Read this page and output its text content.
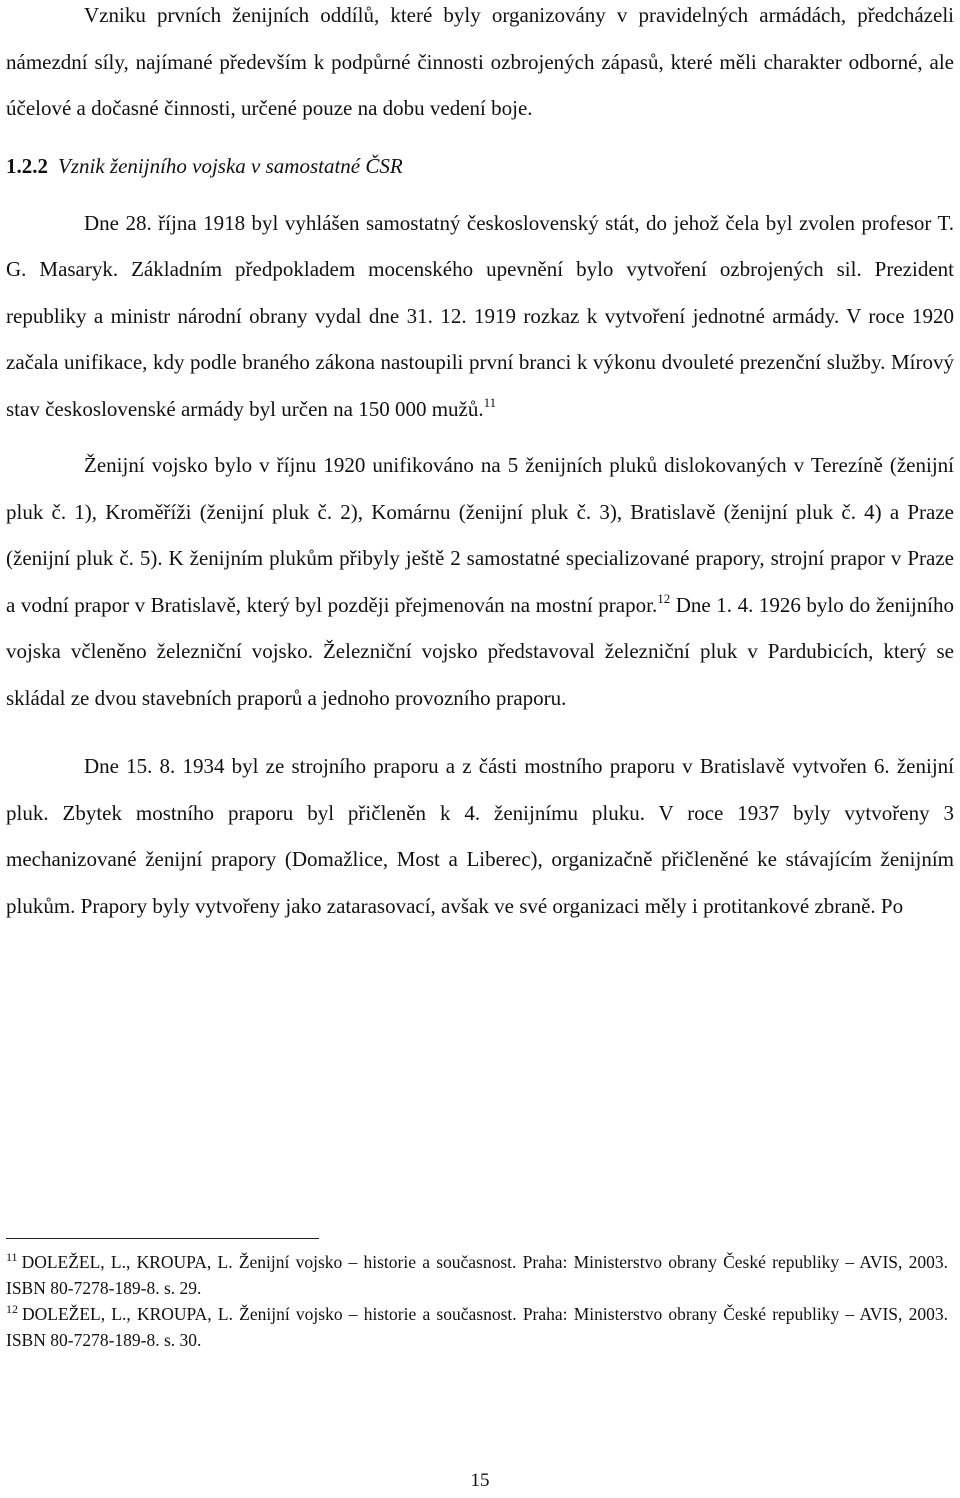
Vzniku prvních ženijních oddílů, které byly organizovány v pravidelných armádách, předcházeli námezdní síly, najímané především k podpůrné činnosti ozbrojených zápasů, které měli charakter odborné, ale účelové a dočasné činnosti, určené pouze na dobu vedení boje.

1.2.2 Vznik ženijního vojska v samostatné ČSR

Dne 28. října 1918 byl vyhlášen samostatný československý stát, do jehož čela byl zvolen profesor T. G. Masaryk. Základním předpokladem mocenského upevnění bylo vytvoření ozbrojených sil. Prezident republiky a ministr národní obrany vydal dne 31. 12. 1919 rozkaz k vytvoření jednotné armády. V roce 1920 začala unifikace, kdy podle braného zákona nastoupili první branci k výkonu dvouleté prezenční služby. Mírový stav československé armády byl určen na 150 000 mužů.$^{11}$

Ženijní vojsko bylo v říjnu 1920 unifikováno na 5 ženijních pluků dislokovaných v Terezíně (ženijní pluk č. 1), Kroměříži (ženijní pluk č. 2), Komárnu (ženijní pluk č. 3), Bratislavě (ženijní pluk č. 4) a Praze (ženijní pluk č. 5). K ženijním plukům přibyly ještě 2 samostatné specializované prapory, strojní prapor v Praze a vodní prapor v Bratislavě, který byl později přejmenován na mostní prapor.$^{12}$ Dne 1. 4. 1926 bylo do ženijního vojska včleněno železniční vojsko. Železniční vojsko představoval železniční pluk v Pardubicích, který se skládal ze dvou stavebních praporů a jednoho provozního praporu.

Dne 15. 8. 1934 byl ze strojního praporu a z části mostního praporu v Bratislavě vytvořen 6. ženijní pluk. Zbytek mostního praporu byl přičleněn k 4. ženijnímu pluku. V roce 1937 byly vytvořeny 3 mechanizované ženijní prapory (Domažlice, Most a Liberec), organizačně přičleněné ke stávajícím ženijním plukům. Prapory byly vytvořeny jako zatarasovací, avšak ve své organizaci měly i protitankové zbraně. Po

$^{11}$ DOLEŽEL, L., KROUPA, L. Ženijní vojsko – historie a současnost. Praha: Ministerstvo obrany České republiky – AVIS, 2003. ISBN 80-7278-189-8. s. 29.

$^{12}$ DOLEŽEL, L., KROUPA, L. Ženijní vojsko – historie a současnost. Praha: Ministerstvo obrany České republiky – AVIS, 2003. ISBN 80-7278-189-8. s. 30.

15
